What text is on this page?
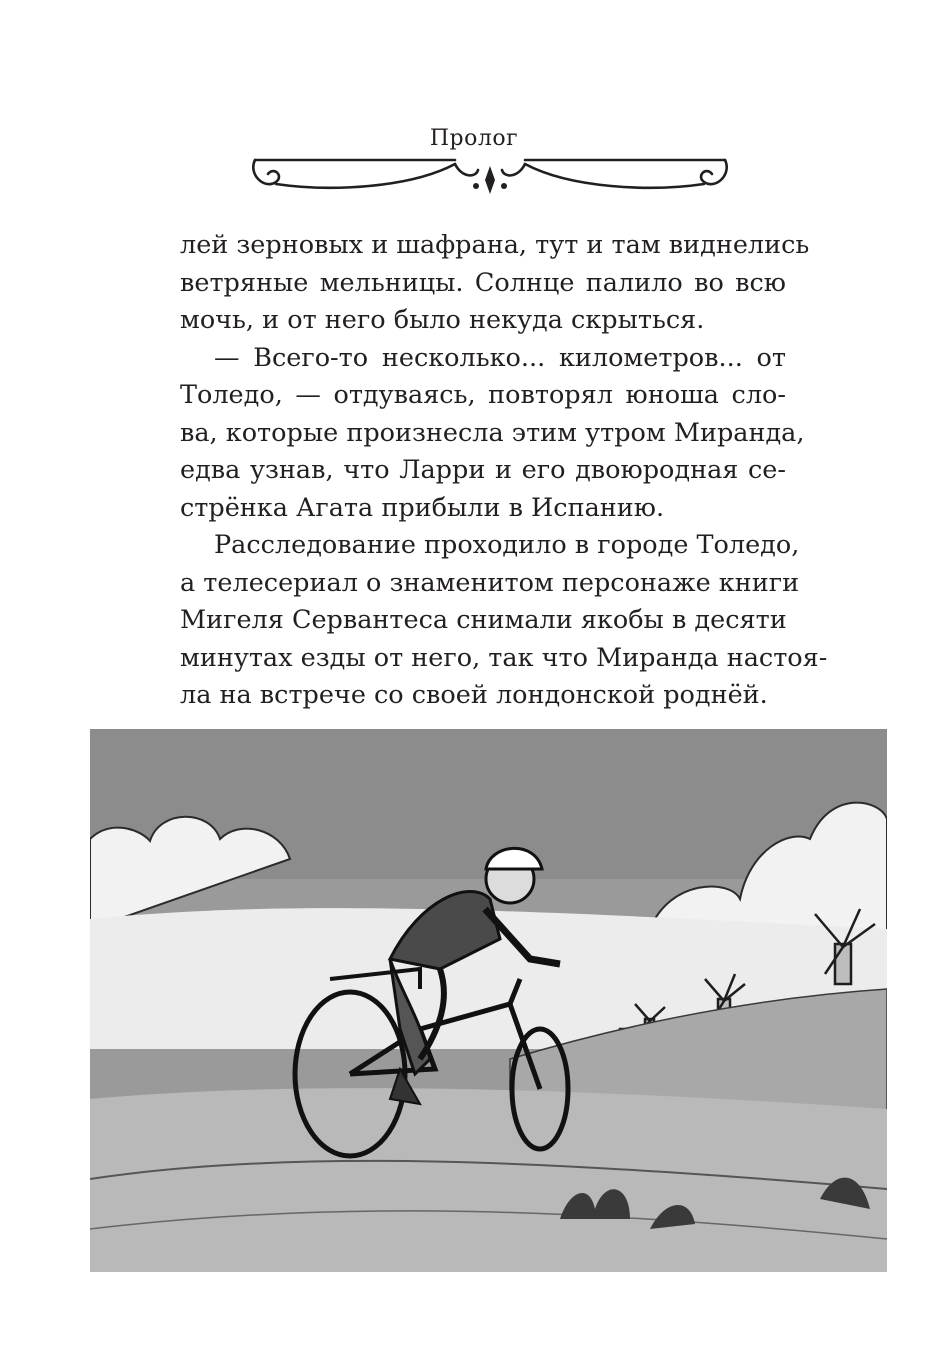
Пролог
лей зерновых и шафрана, тут и там виднелись
ветряные мельницы. Солнце палило во всю
мочь, и от него было некуда скрыться.
— Всего-то несколько... километров... от
Толедо, — отдуваясь, повторял юноша сло-
ва, которые произнесла этим утром Миранда,
едва узнав, что Ларри и его двоюродная се-
стрёнка Агата прибыли в Испанию.
Расследование проходило в городе Толедо,
а телесериал о знаменитом персонаже книги
Мигеля Сервантеса снимали якобы в десяти
минутах езды от него, так что Миранда настоя-
ла на встрече со своей лондонской роднёй.
